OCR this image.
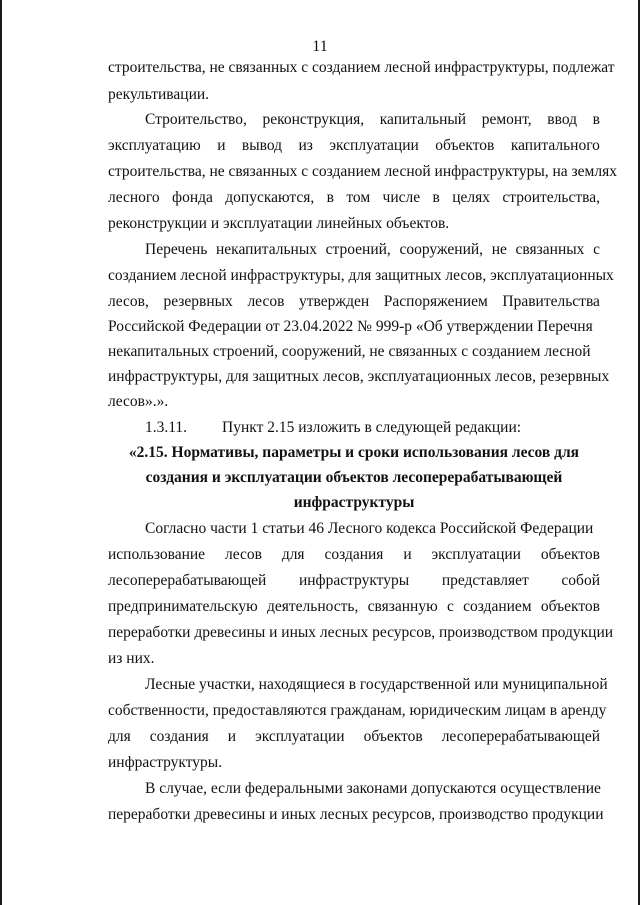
11
строительства, не связанных с созданием лесной инфраструктуры, подлежат
рекультивации.
Строительство, реконструкция, капитальный ремонт, ввод в
эксплуатацию и вывод из эксплуатации объектов капитального
строительства, не связанных с созданием лесной инфраструктуры, на землях
лесного фонда допускаются, в том числе в целях строительства,
реконструкции и эксплуатации линейных объектов.
Перечень некапитальных строений, сооружений, не связанных с
созданием лесной инфраструктуры, для защитных лесов, эксплуатационных
лесов, резервных лесов утвержден Распоряжением Правительства
Российской Федерации от 23.04.2022 № 999-р «Об утверждении Перечня
некапитальных строений, сооружений, не связанных с созданием лесной
инфраструктуры, для защитных лесов, эксплуатационных лесов, резервных
лесов».».
1.3.11. Пункт 2.15 изложить в следующей редакции:
«2.15. Нормативы, параметры и сроки использования лесов для
создания и эксплуатации объектов лесоперерабатывающей
инфраструктуры
Согласно части 1 статьи 46 Лесного кодекса Российской Федерации
использование лесов для создания и эксплуатации объектов
лесоперерабатывающей инфраструктуры представляет собой
предпринимательскую деятельность, связанную с созданием объектов
переработки древесины и иных лесных ресурсов, производством продукции
из них.
Лесные участки, находящиеся в государственной или муниципальной
собственности, предоставляются гражданам, юридическим лицам в аренду
для создания и эксплуатации объектов лесоперерабатывающей
инфраструктуры.
В случае, если федеральными законами допускаются осуществление
переработки древесины и иных лесных ресурсов, производство продукции
